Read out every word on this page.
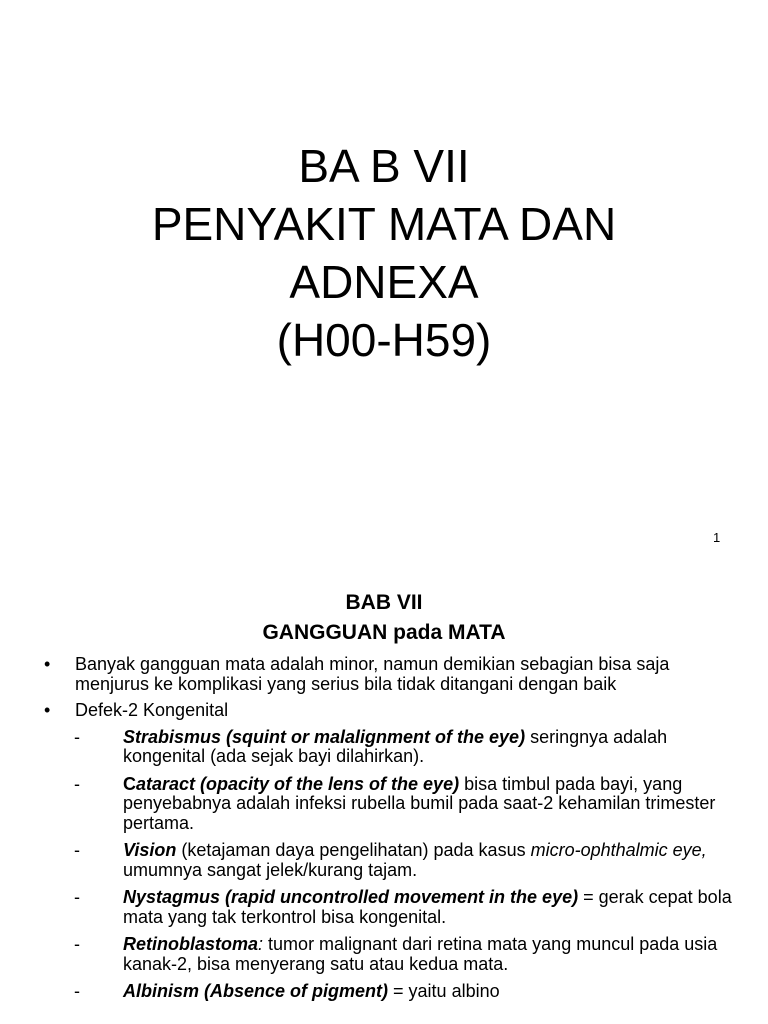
BA B VII
PENYAKIT MATA DAN
ADNEXA
(H00-H59)
1
BAB VII
GANGGUAN pada MATA
• Banyak gangguan mata adalah minor, namun demikian sebagian bisa saja menjurus ke komplikasi yang serius bila tidak ditangani dengan baik
• Defek-2 Kongenital
- Strabismus (squint or malalignment of the eye) seringnya adalah kongenital (ada sejak bayi dilahirkan).
- Cataract (opacity of the lens of the eye) bisa timbul pada bayi, yang penyebabnya adalah infeksi rubella bumil pada saat-2 kehamilan trimester pertama.
- Vision (ketajaman daya pengelihatan) pada kasus micro-ophthalmic eye, umumnya sangat jelek/kurang tajam.
- Nystagmus (rapid uncontrolled movement in the eye) = gerak cepat bola mata yang tak terkontrol bisa kongenital.
- Retinoblastoma: tumor malignant dari retina mata yang muncul pada usia kanak-2, bisa menyerang satu atau kedua mata.
- Albinism (Absence of pigment) = yaitu albino
